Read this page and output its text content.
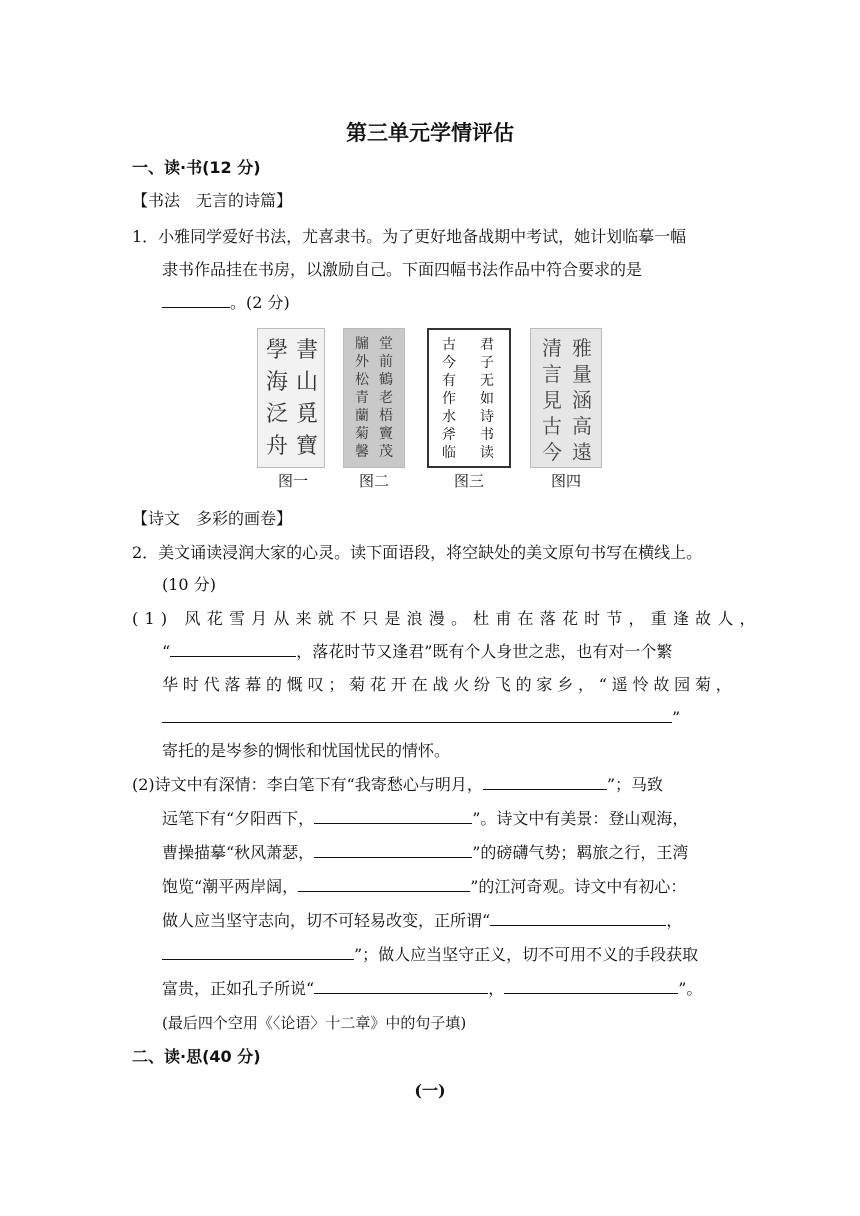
第三单元学情评估
一、读·书(12 分)
【书法　无言的诗篇】
1．小雅同学爱好书法，尤喜隶书。为了更好地备战期中考试，她计划临摹一幅
隶书作品挂在书房，以激励自己。下面四幅书法作品中符合要求的是
。(2 分)
書山覓寶
學海泛舟
图一
堂前鶴老梧竇茂
牖外松青蘭菊馨
图二
君子无如诗书读
古今有作水斧临
图三
雅量涵高遠
清言見古今
图四
【诗文　多彩的画卷】
2．美文诵读浸润大家的心灵。读下面语段，将空缺处的美文原句书写在横线上。
(10 分)
(1) 风花雪月从来就不只是浪漫。杜甫在落花时节，重逢故人，
“	，落花时节又逢君”既有个人身世之悲，也有对一个繁
华时代落幕的慨叹；菊花开在战火纷飞的家乡，“遥怜故园菊，
”
寄托的是岑参的惆怅和忧国忧民的情怀。
(2)诗文中有深情：李白笔下有“我寄愁心与明月，	”；马致
远笔下有“夕阳西下，	”。诗文中有美景：登山观海，
曹操描摹“秋风萧瑟，	”的磅礴气势；羁旅之行，王湾
饱览“潮平两岸阔，	”的江河奇观。诗文中有初心：
做人应当坚守志向，切不可轻易改变，正所谓“	，
”；做人应当坚守正义，切不可用不义的手段获取
富贵，正如孔子所说“	，	”。
(最后四个空用《〈论语〉十二章》中的句子填)
二、读·思(40 分)
(一)
